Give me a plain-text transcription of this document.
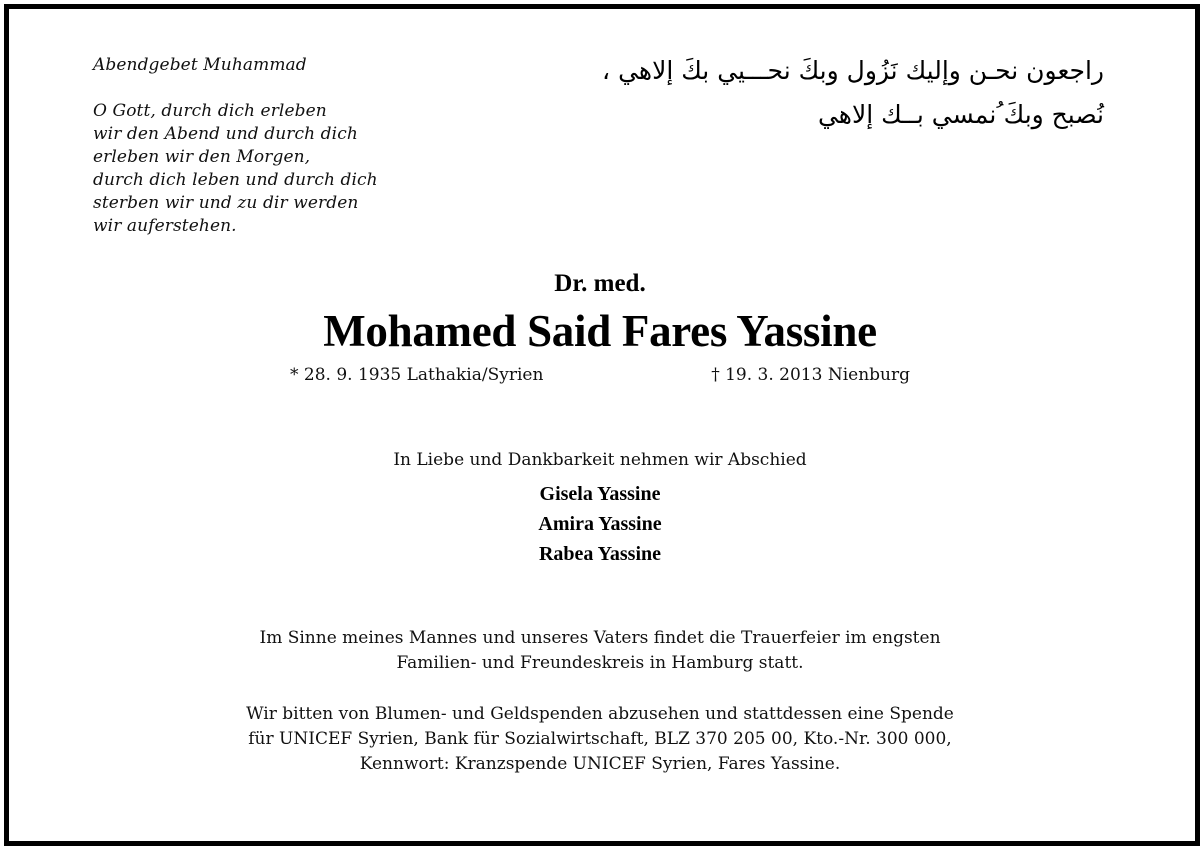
Abendgebet Muhammad
O Gott, durch dich erleben
wir den Abend und durch dich
erleben wir den Morgen,
durch dich leben und durch dich
sterben wir und zu dir werden
wir auferstehen.
راجعون نحـن وإليك نَزُول وبكَ نحـــيي بكَ إلاهي ،
نُصبح وبكَ ُنمسي بــك إلاهي
Dr. med.
Mohamed Said Fares Yassine
* 28. 9. 1935 Lathakia/Syrien	† 19. 3. 2013 Nienburg
In Liebe und Dankbarkeit nehmen wir Abschied
Gisela Yassine
Amira Yassine
Rabea Yassine
Im Sinne meines Mannes und unseres Vaters findet die Trauerfeier im engsten
Familien- und Freundeskreis in Hamburg statt.
Wir bitten von Blumen- und Geldspenden abzusehen und stattdessen eine Spende
für UNICEF Syrien, Bank für Sozialwirtschaft, BLZ 370 205 00, Kto.-Nr. 300 000,
Kennwort: Kranzspende UNICEF Syrien, Fares Yassine.
